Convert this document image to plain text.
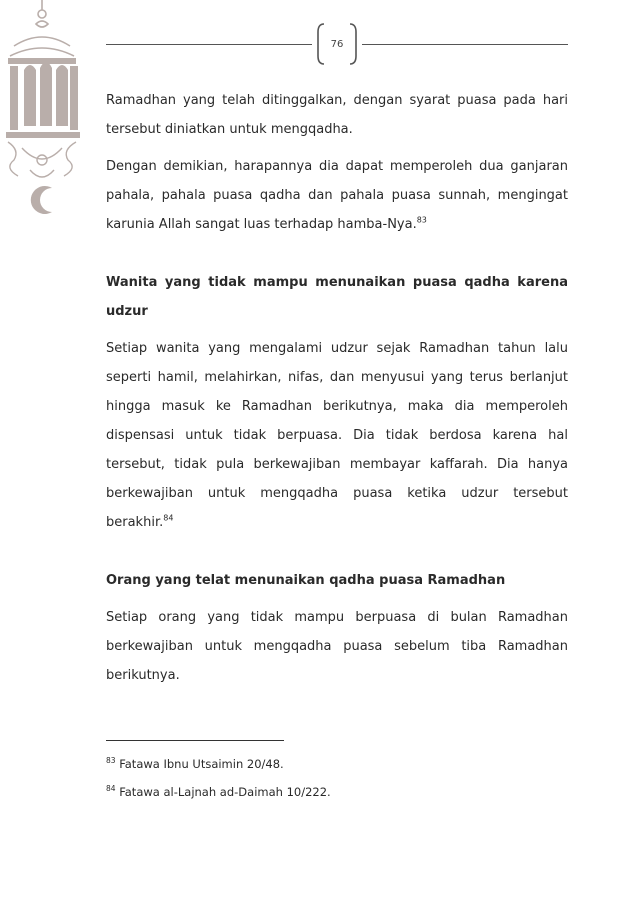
76

Ramadhan yang telah ditinggalkan, dengan syarat puasa pada hari tersebut diniatkan untuk mengqadha.

Dengan demikian, harapannya dia dapat memperoleh dua ganjaran pahala, pahala puasa qadha dan pahala puasa sunnah, mengingat karunia Allah sangat luas terhadap hamba-Nya.$^{83}$

Wanita yang tidak mampu menunaikan puasa qadha karena udzur

Setiap wanita yang mengalami udzur sejak Ramadhan tahun lalu seperti hamil, melahirkan, nifas, dan menyusui yang terus berlanjut hingga masuk ke Ramadhan berikutnya, maka dia memperoleh dispensasi untuk tidak berpuasa. Dia tidak berdosa karena hal tersebut, tidak pula berkewajiban membayar kaffarah. Dia hanya berkewajiban untuk mengqadha puasa ketika udzur tersebut berakhir.$^{84}$

Orang yang telat menunaikan qadha puasa Ramadhan

Setiap orang yang tidak mampu berpuasa di bulan Ramadhan berkewajiban untuk mengqadha puasa sebelum tiba Ramadhan berikutnya.

$^{83}$ Fatawa Ibnu Utsaimin 20/48.

$^{84}$ Fatawa al-Lajnah ad-Daimah 10/222.
